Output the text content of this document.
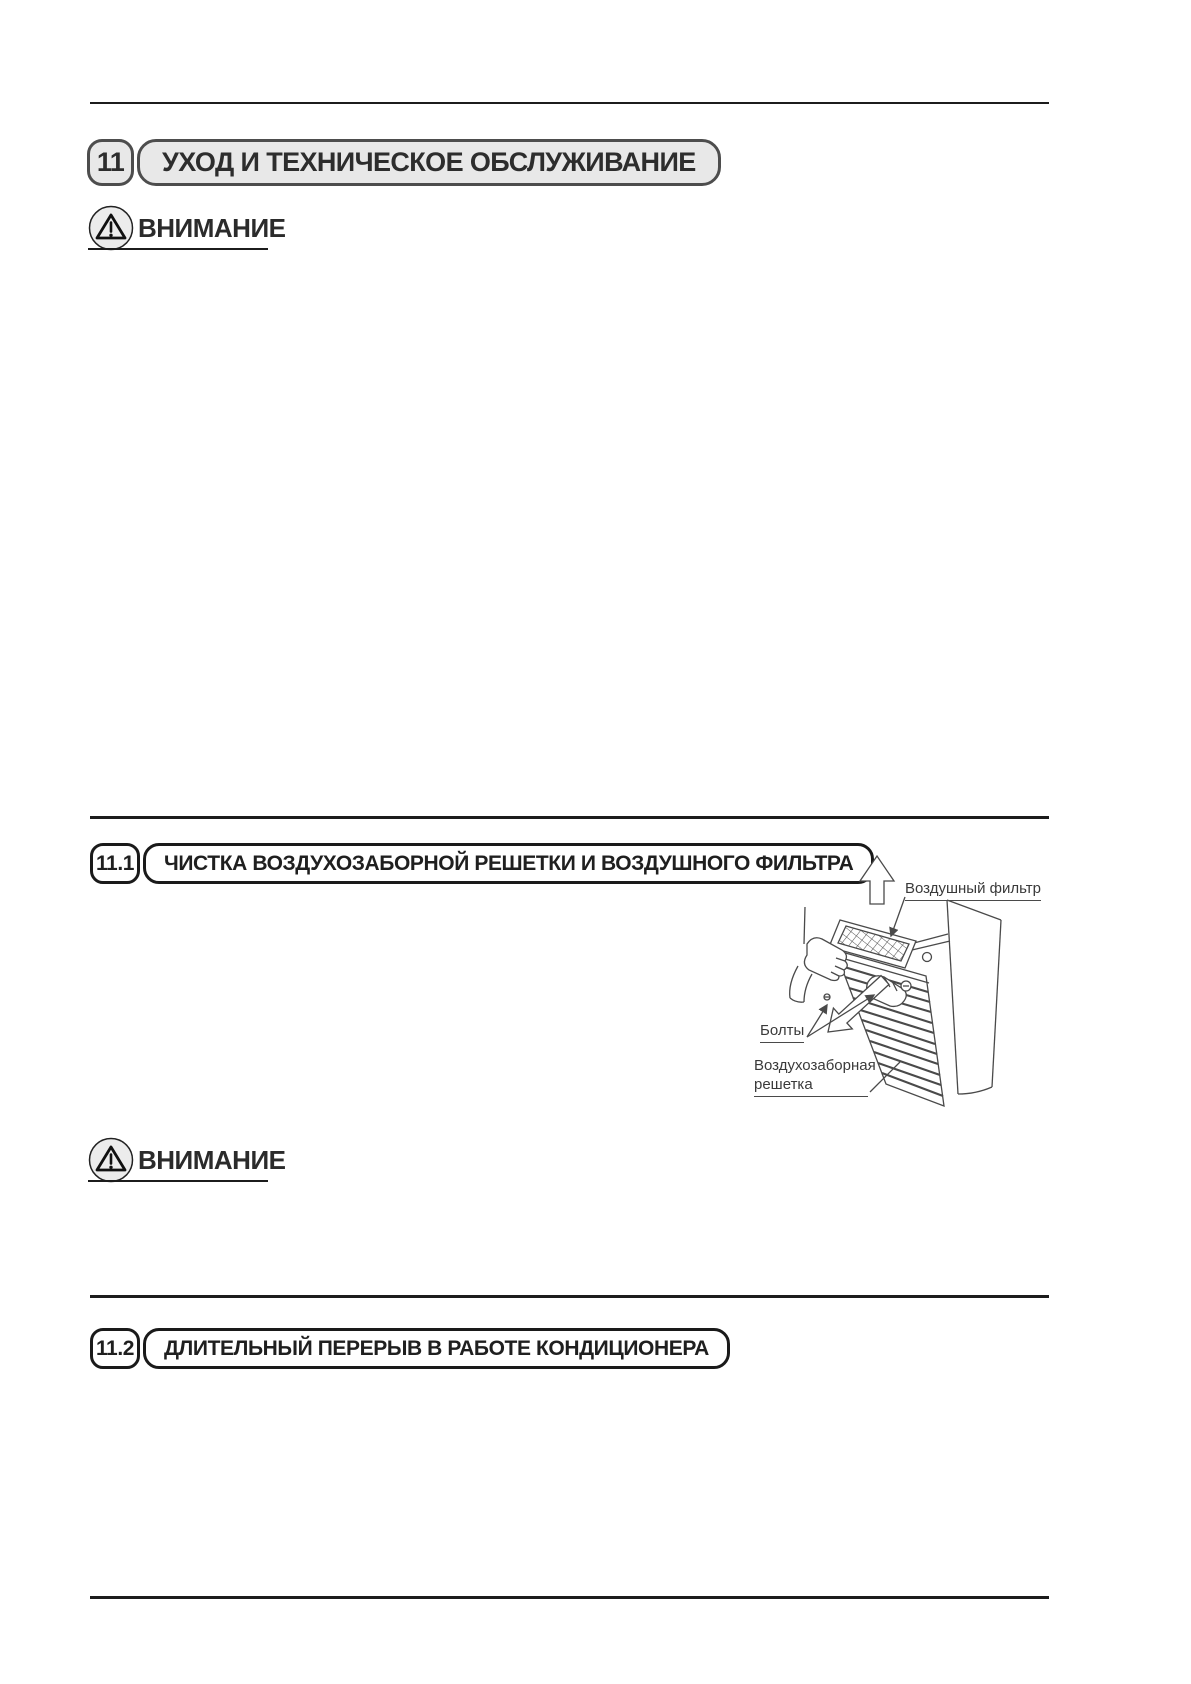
11 УХОД И ТЕХНИЧЕСКОЕ ОБСЛУЖИВАНИЕ
ВНИМАНИЕ
11.1 ЧИСТКА ВОЗДУХОЗАБОРНОЙ РЕШЕТКИ И ВОЗДУШНОГО ФИЛЬТРА
Воздушный фильтр
Болты
Воздухозаборная
решетка
ВНИМАНИЕ
11.2 ДЛИТЕЛЬНЫЙ ПЕРЕРЫВ В РАБОТЕ КОНДИЦИОНЕРА
